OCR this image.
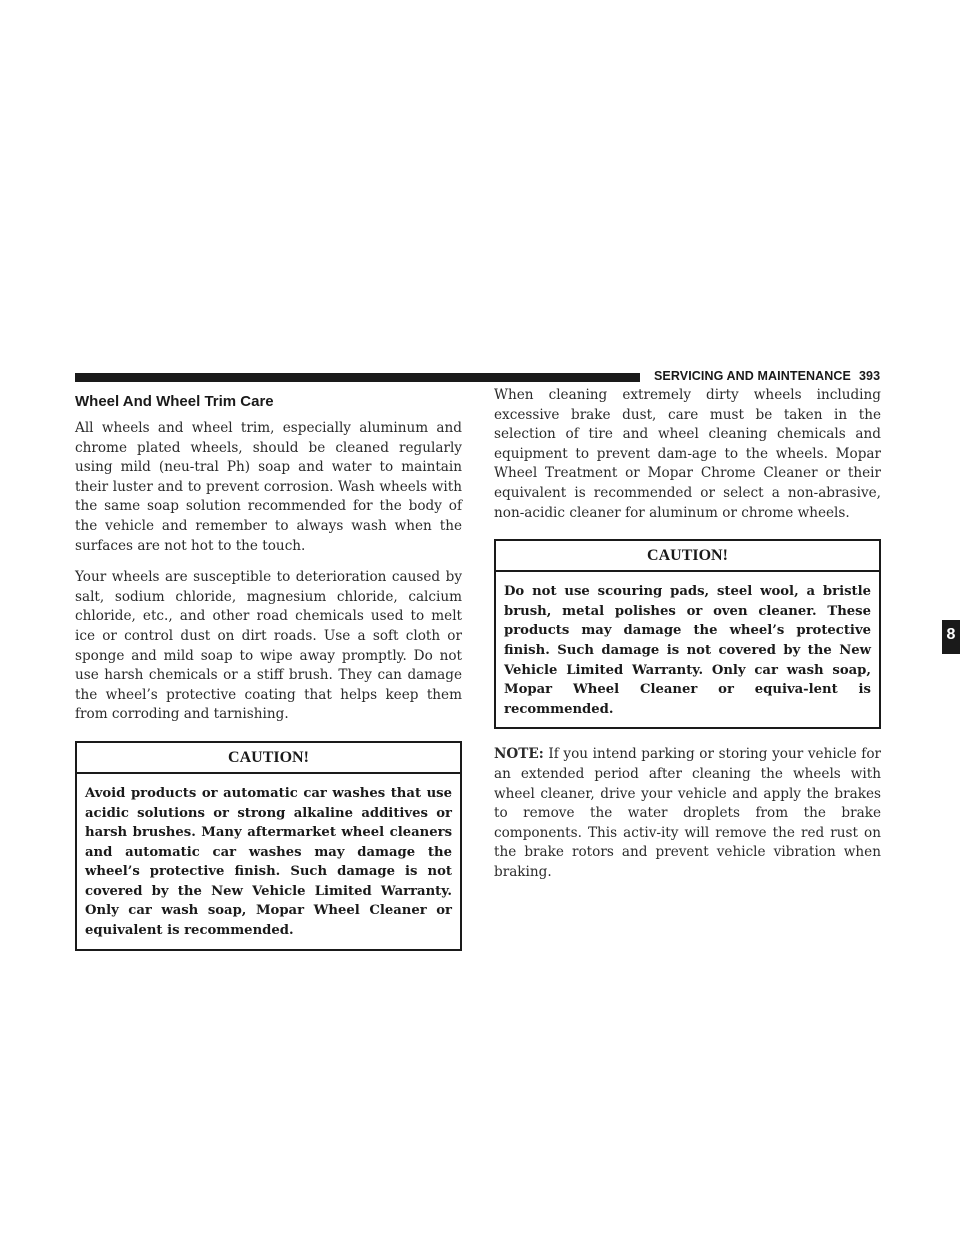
SERVICING AND MAINTENANCE 393
Wheel And Wheel Trim Care

All wheels and wheel trim, especially aluminum and chrome plated wheels, should be cleaned regularly using mild (neu-tral Ph) soap and water to maintain their luster and to prevent corrosion. Wash wheels with the same soap solution recommended for the body of the vehicle and remember to always wash when the surfaces are not hot to the touch.

Your wheels are susceptible to deterioration caused by salt, sodium chloride, magnesium chloride, calcium chloride, etc., and other road chemicals used to melt ice or control dust on dirt roads. Use a soft cloth or sponge and mild soap to wipe away promptly. Do not use harsh chemicals or a stiff brush. They can damage the wheel’s protective coating that helps keep them from corroding and tarnishing.

CAUTION!
Avoid products or automatic car washes that use acidic solutions or strong alkaline additives or harsh brushes. Many aftermarket wheel cleaners and automatic car washes may damage the wheel’s protective finish. Such damage is not covered by the New Vehicle Limited Warranty. Only car wash soap, Mopar Wheel Cleaner or equivalent is recommended.

When cleaning extremely dirty wheels including excessive brake dust, care must be taken in the selection of tire and wheel cleaning chemicals and equipment to prevent dam-age to the wheels. Mopar Wheel Treatment or Mopar Chrome Cleaner or their equivalent is recommended or select a non-abrasive, non-acidic cleaner for aluminum or chrome wheels.

CAUTION!
Do not use scouring pads, steel wool, a bristle brush, metal polishes or oven cleaner. These products may damage the wheel’s protective finish. Such damage is not covered by the New Vehicle Limited Warranty. Only car wash soap, Mopar Wheel Cleaner or equiva-lent is recommended.

NOTE: If you intend parking or storing your vehicle for an extended period after cleaning the wheels with wheel cleaner, drive your vehicle and apply the brakes to remove the water droplets from the brake components. This activ-ity will remove the red rust on the brake rotors and prevent vehicle vibration when braking.

8
